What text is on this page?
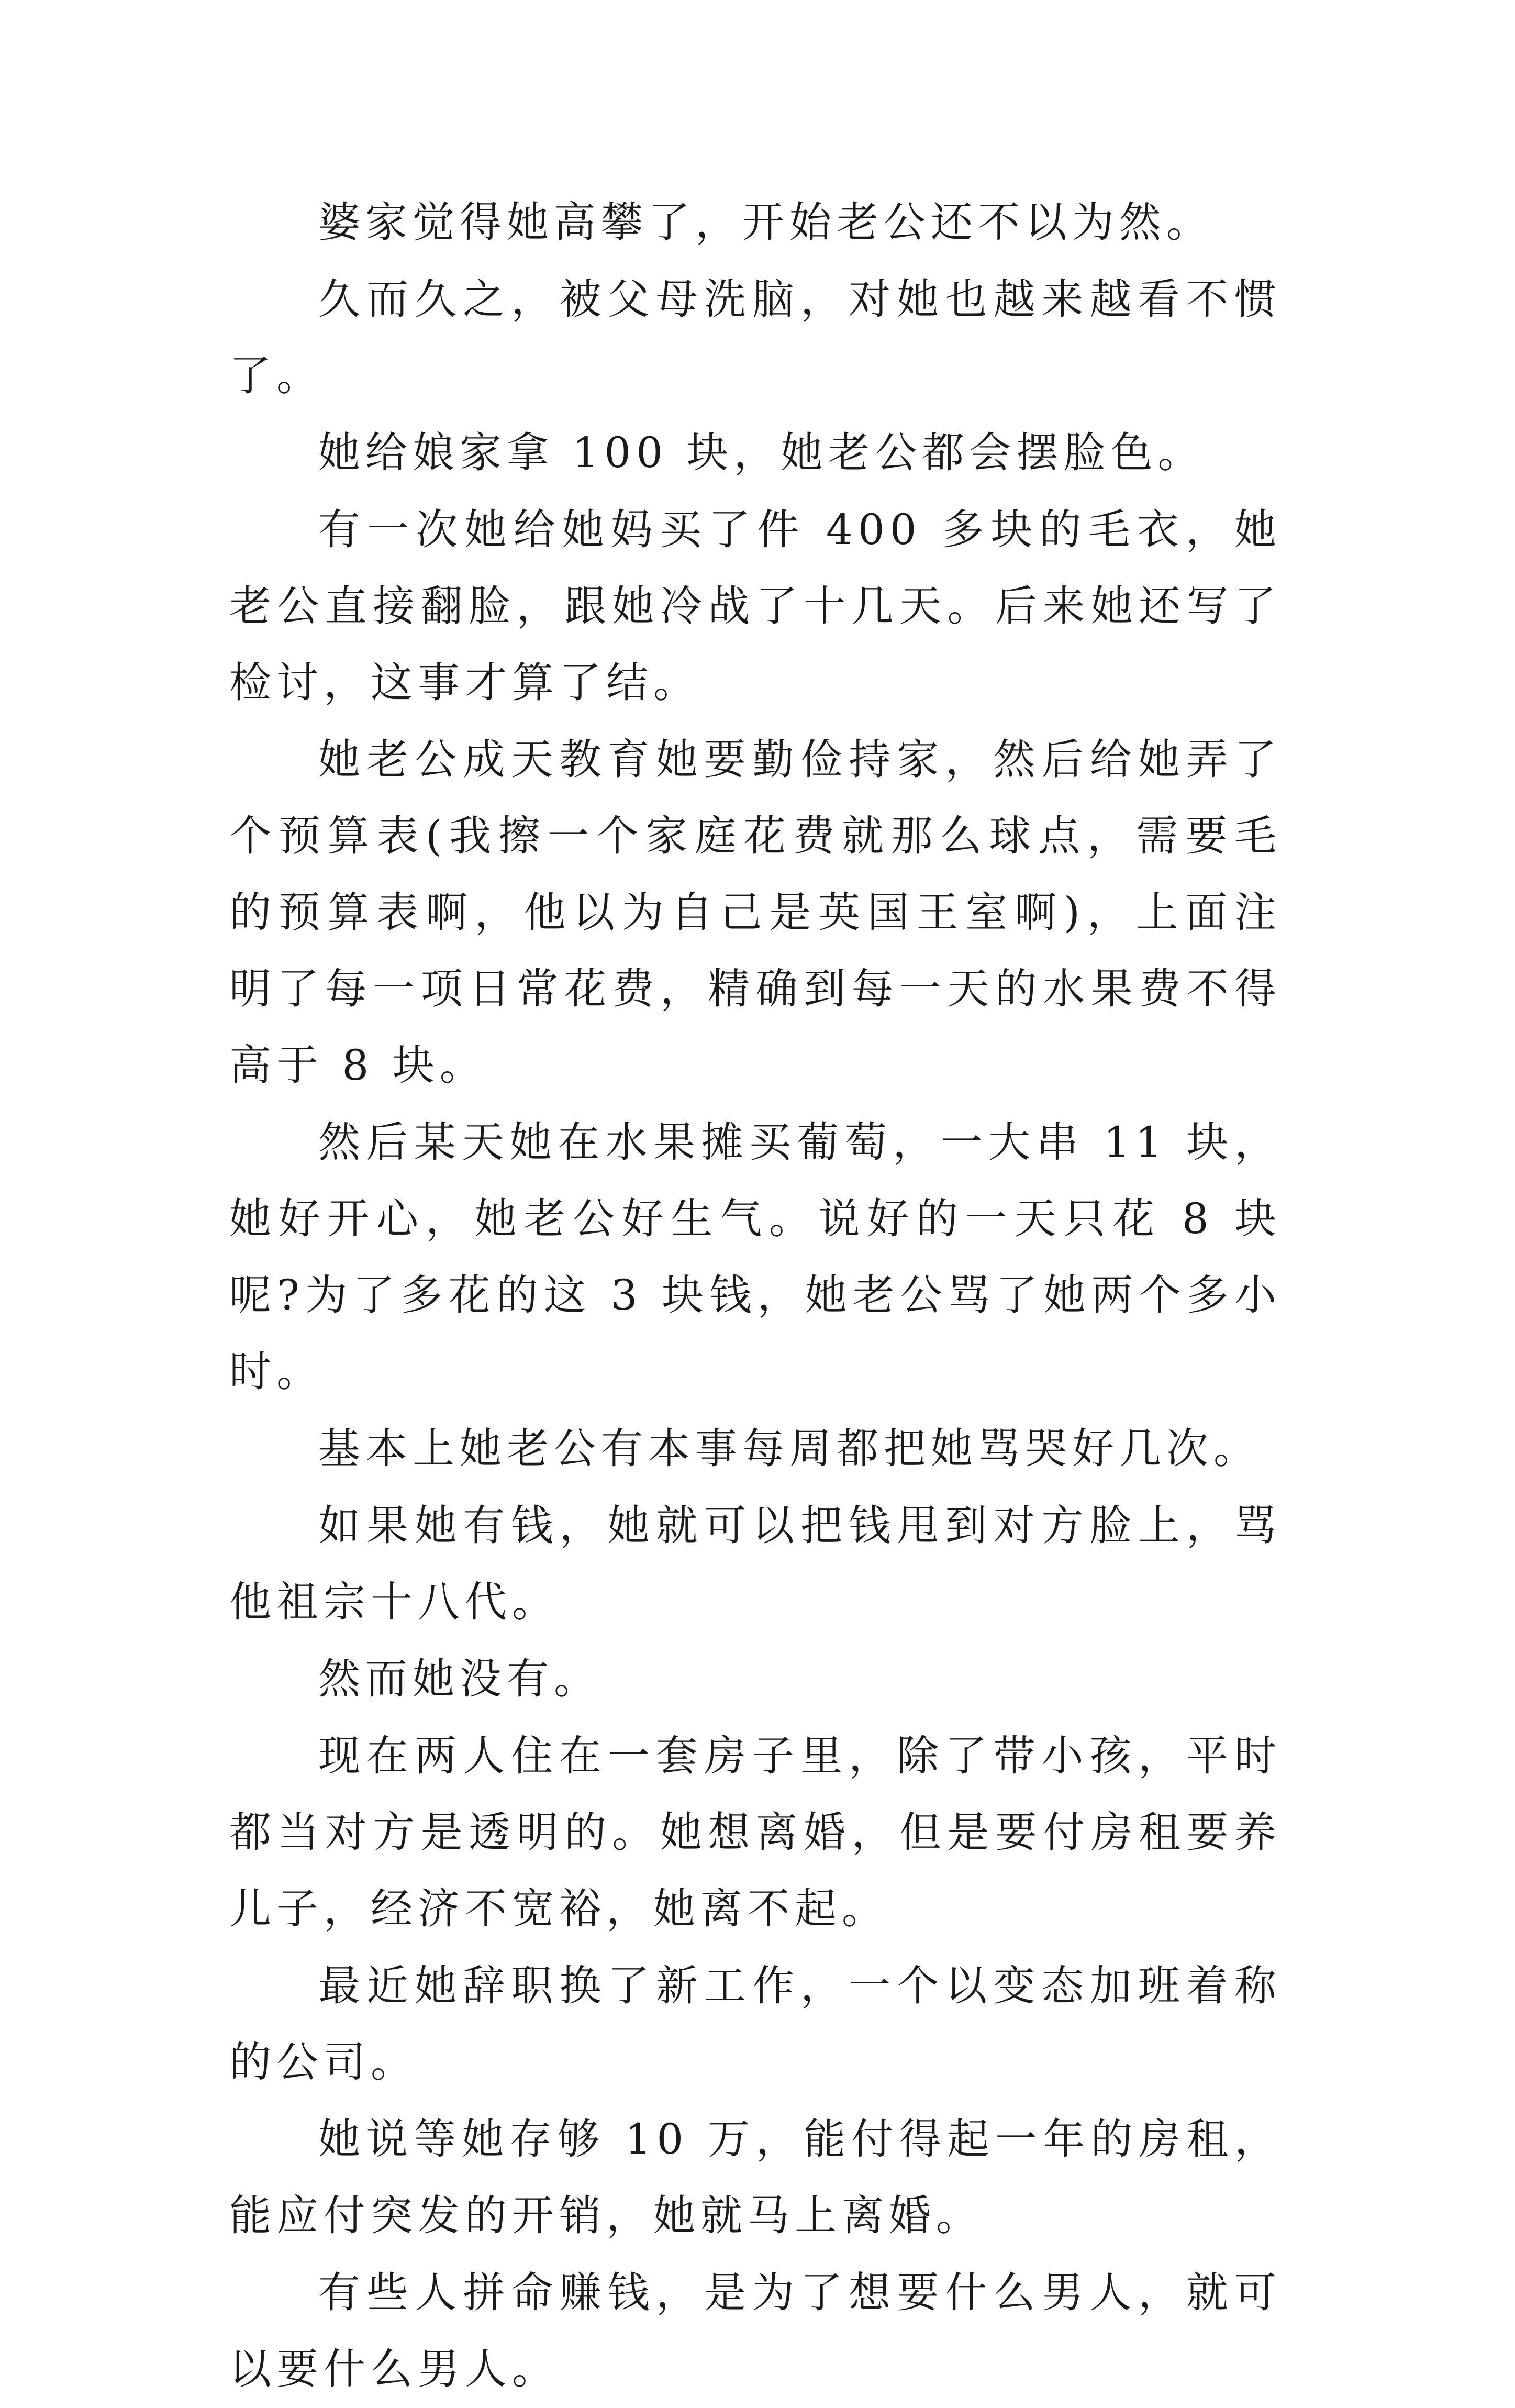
婆家觉得她高攀了，开始老公还不以为然。

久而久之，被父母洗脑，对她也越来越看不惯了。

她给娘家拿 100 块，她老公都会摆脸色。

有一次她给她妈买了件 400 多块的毛衣，她老公直接翻脸，跟她冷战了十几天。后来她还写了检讨，这事才算了结。

她老公成天教育她要勤俭持家，然后给她弄了个预算表(我擦一个家庭花费就那么球点，需要毛的预算表啊，他以为自己是英国王室啊)，上面注明了每一项日常花费，精确到每一天的水果费不得高于 8 块。

然后某天她在水果摊买葡萄，一大串 11 块，她好开心，她老公好生气。说好的一天只花 8 块呢?为了多花的这 3 块钱，她老公骂了她两个多小时。

基本上她老公有本事每周都把她骂哭好几次。

如果她有钱，她就可以把钱甩到对方脸上，骂他祖宗十八代。

然而她没有。

现在两人住在一套房子里，除了带小孩，平时都当对方是透明的。她想离婚，但是要付房租要养儿子，经济不宽裕，她离不起。

最近她辞职换了新工作，一个以变态加班着称的公司。

她说等她存够 10 万，能付得起一年的房租，能应付突发的开销，她就马上离婚。

有些人拼命赚钱，是为了想要什么男人，就可以要什么男人。
